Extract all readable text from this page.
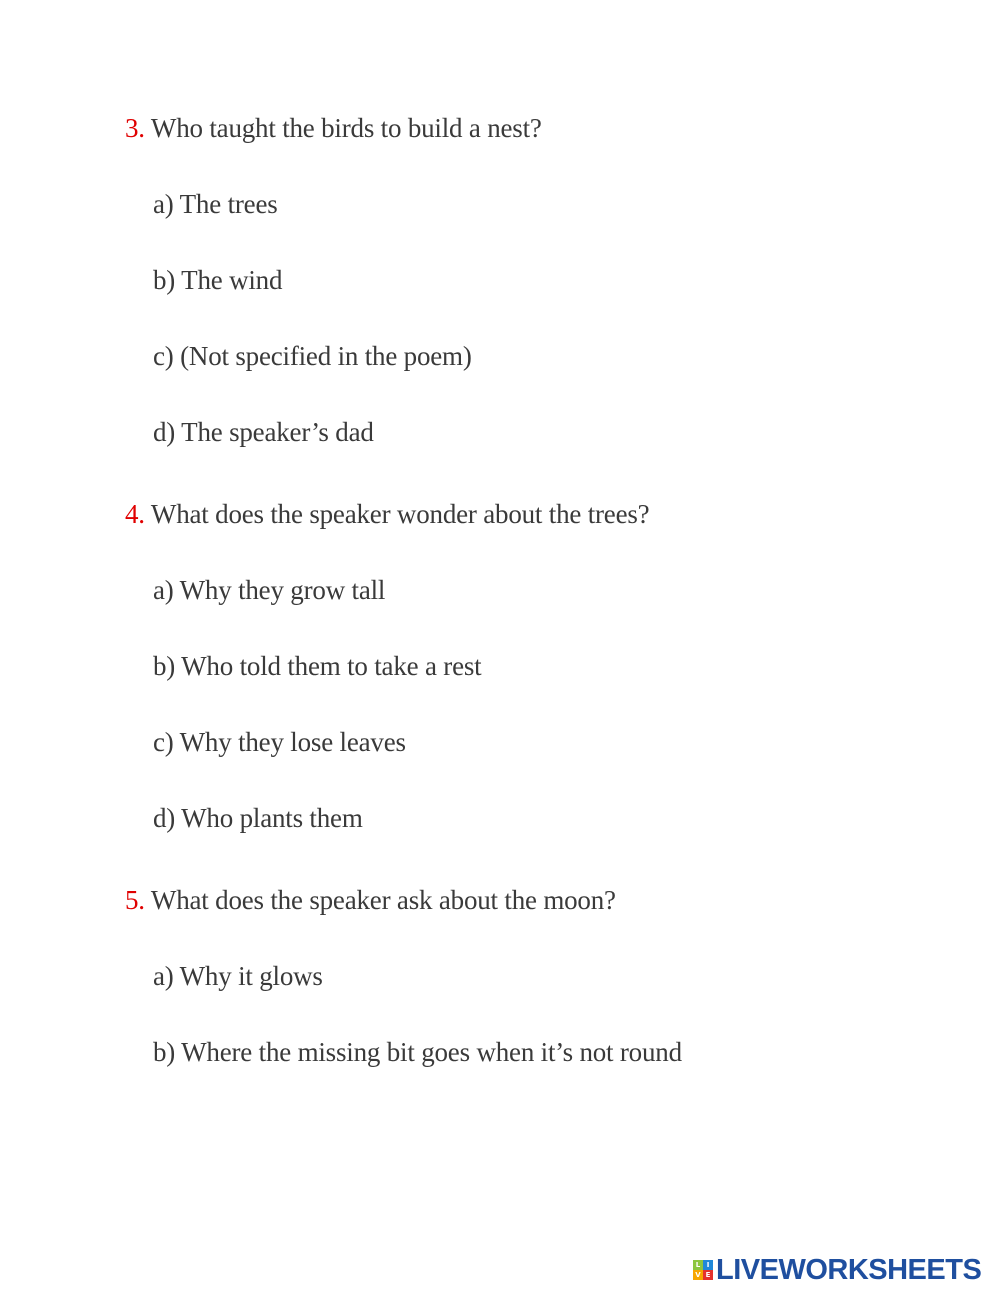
3. Who taught the birds to build a nest?
a) The trees
b) The wind
c) (Not specified in the poem)
d) The speaker’s dad
4. What does the speaker wonder about the trees?
a) Why they grow tall
b) Who told them to take a rest
c) Why they lose leaves
d) Who plants them
5. What does the speaker ask about the moon?
a) Why it glows
b) Where the missing bit goes when it’s not round
L I
V E LIVEWORKSHEETS
